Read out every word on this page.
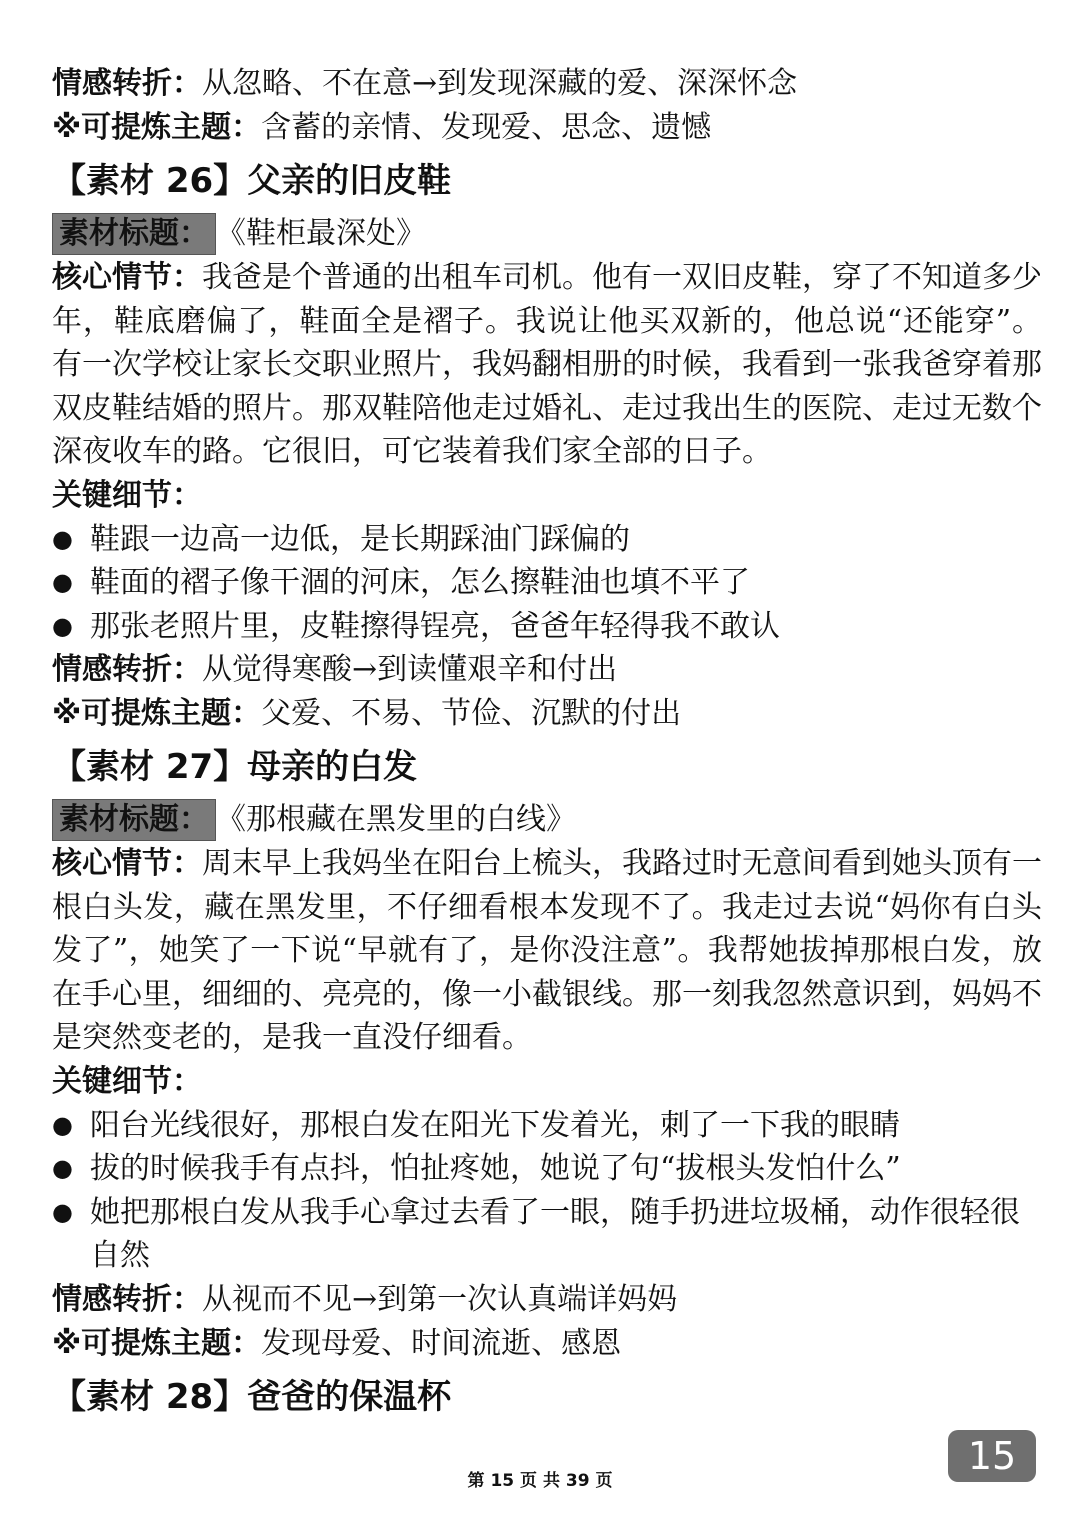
情感转折：从忽略、不在意→到发现深藏的爱、深深怀念
※可提炼主题：含蓄的亲情、发现爱、思念、遗憾
【素材 26】父亲的旧皮鞋
素材标题： 《鞋柜最深处》
核心情节：我爸是个普通的出租车司机。他有一双旧皮鞋，穿了不知道多少年，鞋底磨偏了，鞋面全是褶子。我说让他买双新的，他总说“还能穿”。有一次学校让家长交职业照片，我妈翻相册的时候，我看到一张我爸穿着那双皮鞋结婚的照片。那双鞋陪他走过婚礼、走过我出生的医院、走过无数个深夜收车的路。它很旧，可它装着我们家全部的日子。
关键细节：
● 鞋跟一边高一边低，是长期踩油门踩偏的
● 鞋面的褶子像干涸的河床，怎么擦鞋油也填不平了
● 那张老照片里，皮鞋擦得锃亮，爸爸年轻得我不敢认
情感转折：从觉得寒酸→到读懂艰辛和付出
※可提炼主题：父爱、不易、节俭、沉默的付出
【素材 27】母亲的白发
素材标题： 《那根藏在黑发里的白线》
核心情节：周末早上我妈坐在阳台上梳头，我路过时无意间看到她头顶有一根白头发，藏在黑发里，不仔细看根本发现不了。我走过去说“妈你有白头发了”，她笑了一下说“早就有了，是你没注意”。我帮她拔掉那根白发，放在手心里，细细的、亮亮的，像一小截银线。那一刻我忽然意识到，妈妈不是突然变老的，是我一直没仔细看。
关键细节：
● 阳台光线很好，那根白发在阳光下发着光，刺了一下我的眼睛
● 拔的时候我手有点抖，怕扯疼她，她说了句“拔根头发怕什么”
● 她把那根白发从我手心拿过去看了一眼，随手扔进垃圾桶，动作很轻很自然
情感转折：从视而不见→到第一次认真端详妈妈
※可提炼主题：发现母爱、时间流逝、感恩
【素材 28】爸爸的保温杯
15
第 15 页 共 39 页
